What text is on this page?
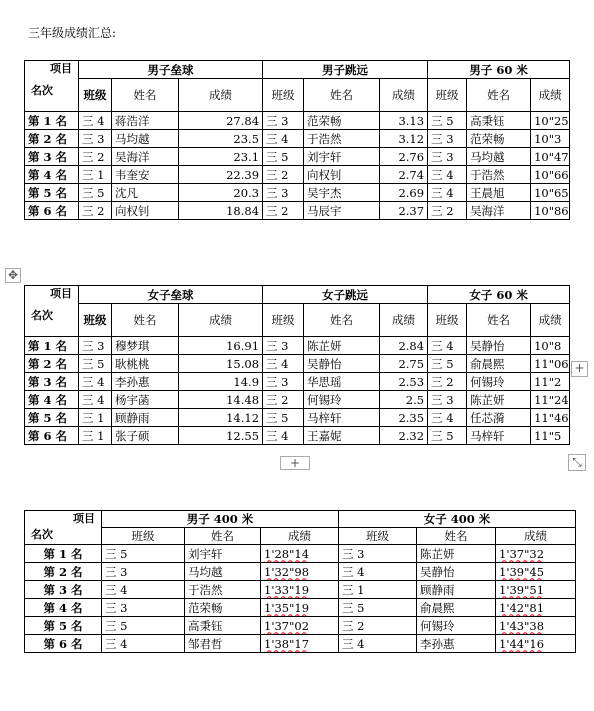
三年级成绩汇总:
项目
名次	男子垒球			男子跳远			男子 60 米		
	班级	姓名	成绩	班级	姓名	成绩	班级	姓名	成绩
第 1 名	三 4	蒋浩洋	27.84	三 3	范荣畅	3.13	三 5	高秉钰	10"25
第 2 名	三 3	马均越	23.5	三 4	于浩然	3.12	三 3	范荣畅	10"3
第 3 名	三 2	吴海洋	23.1	三 5	刘宇轩	2.76	三 3	马均越	10"47
第 4 名	三 1	韦奎安	22.39	三 2	向权钊	2.74	三 4	于浩然	10"66
第 5 名	三 5	沈凡	20.3	三 3	吴宇杰	2.69	三 4	王晨旭	10"65
第 6 名	三 2	向权钊	18.84	三 2	马辰宇	2.37	三 2	吴海洋	10"86
✥
项目
名次	女子垒球			女子跳远			女子 60 米		
	班级	姓名	成绩	班级	姓名	成绩	班级	姓名	成绩
第 1 名	三 3	穆梦琪	16.91	三 3	陈芷妍	2.84	三 4	吴静怡	10"8
第 2 名	三 5	耿桃桃	15.08	三 4	吴静怡	2.75	三 5	俞晨熙	11"06
第 3 名	三 4	李孙惠	14.9	三 3	华思瑶	2.53	三 2	何锡玲	11"2
第 4 名	三 4	杨宇菡	14.48	三 2	何锡玲	2.5	三 3	陈芷妍	11"24
第 5 名	三 1	顾静雨	14.12	三 5	马梓轩	2.35	三 4	任芯漪	11"46
第 6 名	三 1	张子硕	12.55	三 4	王嘉妮	2.32	三 5	马梓轩	11"5
+
+	⤡
项目
名次	男子 400 米			女子 400 米		
	班级	姓名	成绩	班级	姓名	成绩
第 1 名	三 5	刘宇轩	1'28"14	三 3	陈芷妍	1'37"32
第 2 名	三 3	马均越	1'32"98	三 4	吴静怡	1'39"45
第 3 名	三 4	于浩然	1'33"19	三 1	顾静雨	1'39"51
第 4 名	三 3	范荣畅	1'35"19	三 5	俞晨熙	1'42"81
第 5 名	三 5	高秉钰	1'37"02	三 2	何锡玲	1'43"38
第 6 名	三 4	邹君哲	1'38"17	三 4	李孙惠	1'44"16
